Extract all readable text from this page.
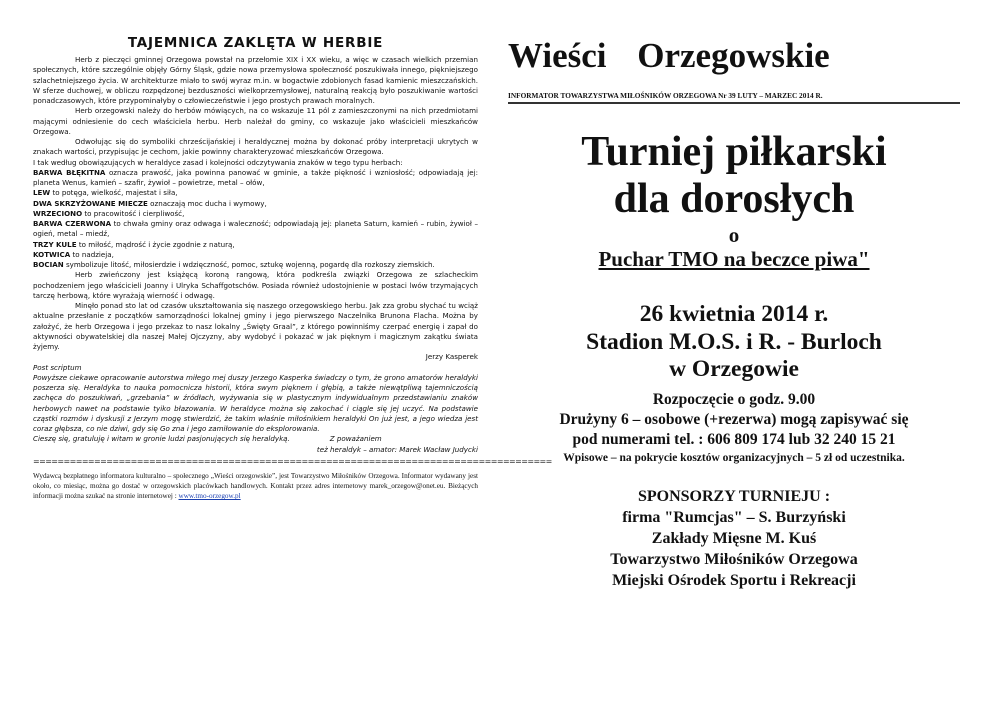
TAJEMNICA ZAKLĘTA W HERBIE

Herb z pieczęci gminnej Orzegowa powstał na przełomie XIX i XX wieku, a więc w czasach wielkich przemian społecznych, które szczególnie objęły Górny Śląsk, gdzie nowa przemysłowa społeczność poszukiwała innego, piękniejszego szlachetniejszego życia. W architekturze miało to swój wyraz m.in. w bogactwie zdobionych fasad kamienic mieszczańskich. W sferze duchowej, w obliczu rozpędzonej bezduszności wielkoprzemysłowej, naturalną reakcją było poszukiwanie wartości ponadczasowych, które przypominałyby o człowieczeństwie i jego prostych prawach moralnych.

Herb orzegowski należy do herbów mówiących, na co wskazuje 11 pól z zamieszczonymi na nich przedmiotami mającymi odniesienie do cech właściciela herbu. Herb należał do gminy, co wskazuje jako właścicieli mieszkańców Orzegowa.

Odwołując się do symboliki chrześcijańskiej i heraldycznej można by dokonać próby interpretacji ukrytych w znakach wartości, przypisując je cechom, jakie powinny charakteryzować mieszkańców Orzegowa.

I tak według obowiązujących w heraldyce zasad i kolejności odczytywania znaków w tego typu herbach:

BARWA BŁĘKITNA oznacza prawość, jaka powinna panować w gminie, a także piękność i wzniosłość; odpowiadają jej: planeta Wenus, kamień – szafir, żywioł – powietrze, metal – ołów,

LEW to potęga, wielkość, majestat i siła,

DWA SKRZYŻOWANE MIECZE oznaczają moc ducha i wymowy,

WRZECIONO to pracowitość i cierpliwość,

BARWA CZERWONA to chwała gminy oraz odwaga i waleczność; odpowiadają jej: planeta Saturn, kamień – rubin, żywioł – ogień, metal – miedź,

TRZY KULE to miłość, mądrość i życie zgodnie z naturą,

KOTWICA to nadzieja,

BOCIAN symbolizuje litość, miłosierdzie i wdzięczność, pomoc, sztukę wojenną, pogardę dla rozkoszy ziemskich.

Herb zwieńczony jest książęcą koroną rangową, która podkreśla związki Orzegowa ze szlacheckim pochodzeniem jego właścicieli Joanny i Ulryka Schaffgotschów. Posiada również udostojnienie w postaci lwów trzymających tarczę herbową, które wyrażają wierność i odwagę.

Minęło ponad sto lat od czasów ukształtowania się naszego orzegowskiego herbu. Jak zza grobu słychać tu wciąż aktualne przesłanie z początków samorządności lokalnej gminy i jego pierwszego Naczelnika Brunona Flacha. Można by założyć, że herb Orzegowa i jego przekaz to nasz lokalny „Święty Graal”, z którego powinniśmy czerpać energię i zapał do aktywności obywatelskiej dla naszej Małej Ojczyzny, aby wydobyć i pokazać w jak pięknym i magicznym zakątku świata żyjemy.

Jerzy Kasperek

Post scriptum

Powyższe ciekawe opracowanie autorstwa miłego mej duszy Jerzego Kasperka świadczy o tym, że grono amatorów heraldyki poszerza się. Heraldyka to nauka pomocnicza historii, która swym pięknem i głębią, a także niewątpliwą tajemniczością zachęca do poszukiwań, „grzebania” w źródłach, wyżywania się w plastycznym indywidualnym przedstawianiu znaków herbowych nawet na podstawie tyiko błazowania. W heraldyce można się zakochać i ciągle się jej uczyć. Na podstawie cząstki rozmów i dyskusji z Jerzym mogę stwierdzić, że takim właśnie miłośnikiem heraldyki On już jest, a jego wiedza jest coraz głębsza, co nie dziwi, gdy się Go zna i jego zamiłowanie do eksplorowania.

Cieszę się, gratuluję i witam w gronie ludzi pasjonujących się heraldyką.	Z poważaniem

też heraldyk – amator: Marek Wacław Judycki

=====================================================================================
Wydawcą bezpłatnego informatora kulturalno – społecznego „Wieści orzegowskie”, jest Towarzystwo Miłośników Orzegowa. Informator wydawany jest około, co miesiąc, można go dostać w orzegowskich placówkach handlowych. Kontakt przez adres internetowy marek_orzegow@onet.eu. Bieżących informacji można szukać na stronie internetowej : www.tmo-orzegow.pl
Wieści Orzegowskie
INFORMATOR TOWARZYSTWA MIŁOŚNIKÓW ORZEGOWA Nr 39 LUTY – MARZEC 2014 R.
Turniej piłkarski
dla dorosłych
o
Puchar TMO na beczce piwa"
26 kwietnia 2014 r.
Stadion M.O.S. i R. - Burloch
w Orzegowie
Rozpoczęcie o godz. 9.00
Drużyny 6 – osobowe (+rezerwa) mogą zapisywać się
pod numerami tel. : 606 809 174 lub 32 240 15 21
Wpisowe – na pokrycie kosztów organizacyjnych – 5 zł od uczestnika.
SPONSORZY TURNIEJU :
firma "Rumcjas" – S. Burzyński
Zakłady Mięsne M. Kuś
Towarzystwo Miłośników Orzegowa
Miejski Ośrodek Sportu i Rekreacji
